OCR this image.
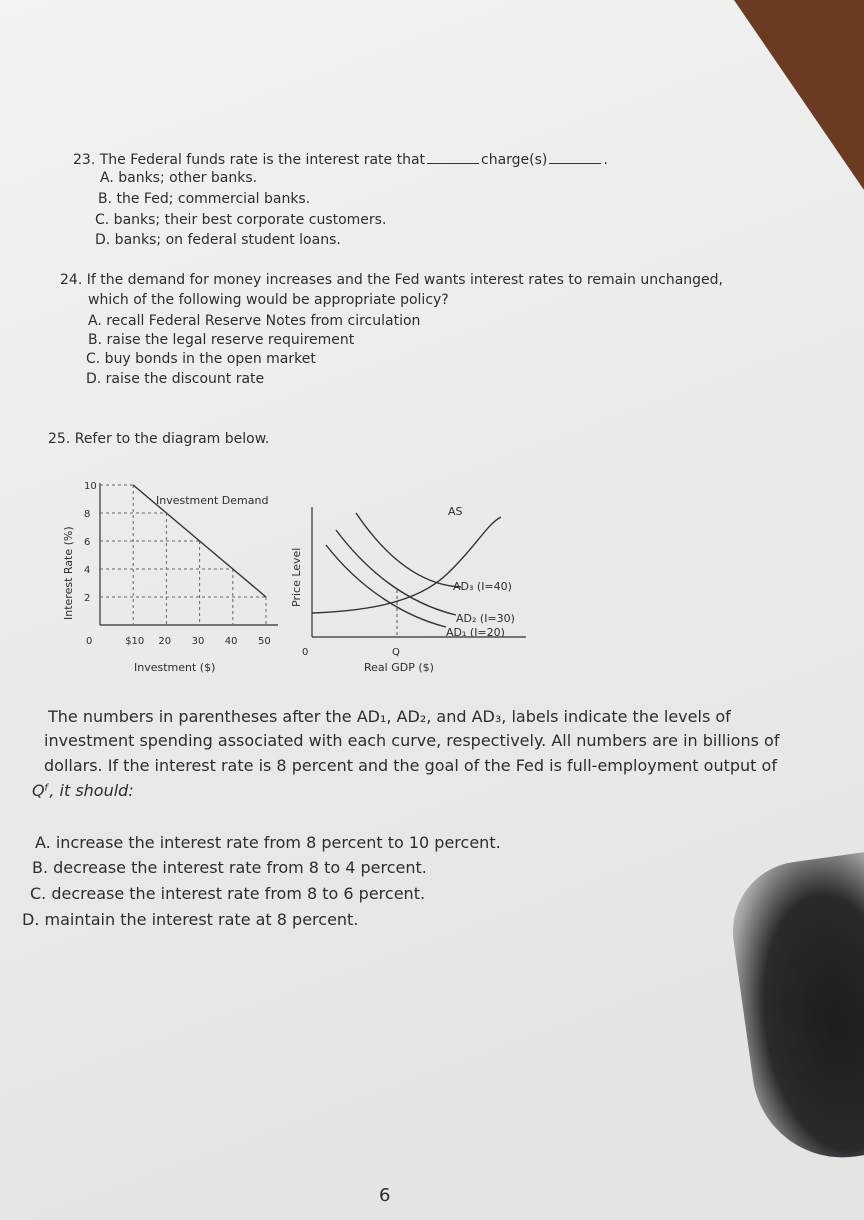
23. The Federal funds rate is the interest rate that	charge(s)	.
A. banks; other banks.
B. the Fed; commercial banks.
C. banks; their best corporate customers.
D. banks; on federal student loans.
24. If the demand for money increases and the Fed wants interest rates to remain unchanged,
which of the following would be appropriate policy?
A. recall Federal Reserve Notes from circulation
B. raise the legal reserve requirement
C. buy bonds in the open market
D. raise the discount rate
25. Refer to the diagram below.
$10 20 30 40 50
2
4
6
8
10
Investment Demand
0
Investment ($)
Interest Rate (%)
AS
AD₃ (I=40)
AD₂ (I=30)
AD₁ (I=20)
Q
0
Real GDP ($)
Price Level
The numbers in parentheses after the AD₁, AD₂, and AD₃, labels indicate the levels of
investment spending associated with each curve, respectively. All numbers are in billions of
dollars. If the interest rate is 8 percent and the goal of the Fed is full-employment output of
Qᶠ, it should:
A. increase the interest rate from 8 percent to 10 percent.
B. decrease the interest rate from 8 to 4 percent.
C. decrease the interest rate from 8 to 6 percent.
D. maintain the interest rate at 8 percent.
6
